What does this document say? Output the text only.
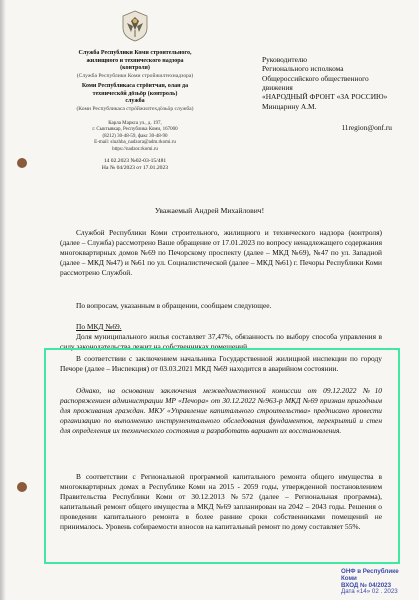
Служба Республики Коми строительного,
жилищного и технического надзора
(контроля)
(Служба Республики Коми стройжилтехнадзора)
Коми Республикаса стрöитчан, олан да
техническöй дöзьöр (контроль)
служба
(Коми Республикаса стрöйжилтехдöзьöр служба)
Карла Маркса ул., д. 197,
г. Сыктывкар, Республика Коми, 167000
(8212) 30-48-59, факс 30-48-90
E-mail: sluzhba_nadzora@adm.rkomi.ru
https://nadzor.rkomi.ru
14 02.2023 №02-03-15/481
На № 04/2023 от 17.01.2023
Руководителю
Регионального исполкома
Общероссийского общественного
движения
«НАРОДНЫЙ ФРОНТ «ЗА РОССИЮ»
Минцарину А.М.
11region@onf.ru
Уважаемый Андрей Михайлович!
Службой Республики Коми строительного, жилищного и технического надзора (контроля) (далее – Служба) рассмотрено Ваше обращение от 17.01.2023 по вопросу ненадлежащего содержания многоквартирных домов №69 по Печорскому проспекту (далее – МКД №69), №47 по ул. Западной (далее – МКД №47) и №61 по ул. Социалистической (далее – МКД №61) г. Печоры Республики Коми рассмотрено Службой.
По вопросам, указанным в обращении, сообщаем следующее.
По МКД №69.
Доля муниципального жилья составляет 37,47%, обязанность по выбору способа управления в силу законодательства лежит на собственниках помещений.
В соответствии с заключением начальника Государственной жилищной инспекции по городу Печоре (далее – Инспекция) от 03.03.2021 МКД №69 находится в аварийном состоянии.
Однако, на основании заключения межведомственной комиссии от 09.12.2022 №10 распоряжением администрации МР «Печора» от 30.12.2022 №963-р МКД №69 признан пригодным для проживания граждан. МКУ «Управление капитального строительства» предписано провести организацию по выполнению инструментального обследования фундаментов, перекрытий и стен для определения их технического состояния и разработать вариант их восстановления.
В соответствии с Региональной программой капитального ремонта общего имущества в многоквартирных домах в Республике Коми на 2015 - 2059 годы, утвержденной постановлением Правительства Республики Коми от 30.12.2013 №572 (далее – Региональная программа), капитальный ремонт общего имущества в МКД №69 запланирован на 2042 – 2043 годы. Решения о проведении капитального ремонта в более ранние сроки собственниками помещений не принималось. Уровень собираемости взносов на капитальный ремонт по дому составляет 55%.
ОНФ в Республике Коми
ВХОД № 04/2023
Дата «14» 02 . 2023
